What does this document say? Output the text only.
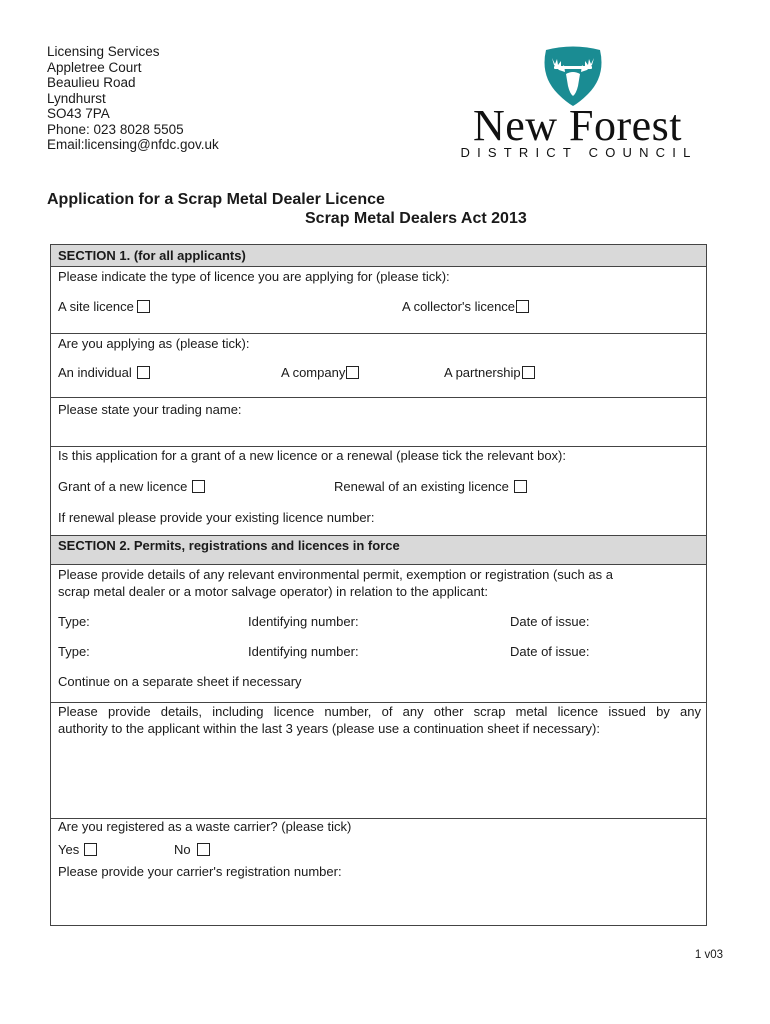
Licensing Services
Appletree Court
Beaulieu Road
Lyndhurst
SO43 7PA
Phone: 023 8028 5505
Email:licensing@nfdc.gov.uk	New Forest
DISTRICT COUNCIL
Application for a Scrap Metal Dealer Licence
Scrap Metal Dealers Act 2013
SECTION 1. (for all applicants)
Please indicate the type of licence you are applying for (please tick):
A site licence	A collector's licence
Are you applying as (please tick):
An individual	A company	A partnership
Please state your trading name:
Is this application for a grant of a new licence or a renewal (please tick the relevant box):
Grant of a new licence	Renewal of an existing licence
If renewal please provide your existing licence number:
SECTION 2. Permits, registrations and licences in force
Please provide details of any relevant environmental permit, exemption or registration (such as a
scrap metal dealer or a motor salvage operator) in relation to the applicant:
Type:	Identifying number:	Date of issue:
Type:	Identifying number:	Date of issue:
Continue on a separate sheet if necessary
Please provide details, including licence number, of any other scrap metal licence issued by any
authority to the applicant within the last 3 years (please use a continuation sheet if necessary):
Are you registered as a waste carrier? (please tick)
Yes	No
Please provide your carrier's registration number:
1 v03
